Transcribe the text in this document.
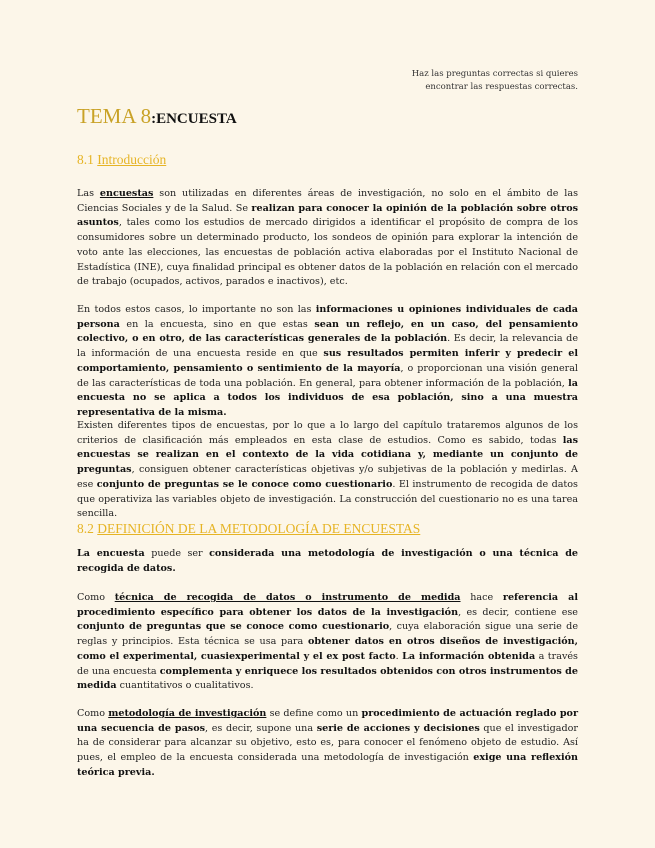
Haz las preguntas correctas si quieres
encontrar las respuestas correctas.
TEMA 8:ENCUESTA
8.1 Introducción
Las encuestas son utilizadas en diferentes áreas de investigación, no solo en el ámbito de las Ciencias Sociales y de la Salud. Se realizan para conocer la opinión de la población sobre otros asuntos, tales como los estudios de mercado dirigidos a identificar el propósito de compra de los consumidores sobre un determinado producto, los sondeos de opinión para explorar la intención de voto ante las elecciones, las encuestas de población activa elaboradas por el Instituto Nacional de Estadística (INE), cuya finalidad principal es obtener datos de la población en relación con el mercado de trabajo (ocupados, activos, parados e inactivos), etc.
En todos estos casos, lo importante no son las informaciones u opiniones individuales de cada persona en la encuesta, sino en que estas sean un reflejo, en un caso, del pensamiento colectivo, o en otro, de las características generales de la población. Es decir, la relevancia de la información de una encuesta reside en que sus resultados permiten inferir y predecir el comportamiento, pensamiento o sentimiento de la mayoría, o proporcionan una visión general de las características de toda una población. En general, para obtener información de la población, la encuesta no se aplica a todos los individuos de esa población, sino a una muestra representativa de la misma.
Existen diferentes tipos de encuestas, por lo que a lo largo del capítulo trataremos algunos de los criterios de clasificación más empleados en esta clase de estudios. Como es sabido, todas las encuestas se realizan en el contexto de la vida cotidiana y, mediante un conjunto de preguntas, consiguen obtener características objetivas y/o subjetivas de la población y medirlas. A ese conjunto de preguntas se le conoce como cuestionario. El instrumento de recogida de datos que operativiza las variables objeto de investigación. La construcción del cuestionario no es una tarea sencilla.
8.2 DEFINICIÓN DE LA METODOLOGÍA DE ENCUESTAS
La encuesta puede ser considerada una metodología de investigación o una técnica de recogida de datos.
Como técnica de recogida de datos o instrumento de medida hace referencia al procedimiento específico para obtener los datos de la investigación, es decir, contiene ese conjunto de preguntas que se conoce como cuestionario, cuya elaboración sigue una serie de reglas y principios. Esta técnica se usa para obtener datos en otros diseños de investigación, como el experimental, cuasiexperimental y el ex post facto. La información obtenida a través de una encuesta complementa y enriquece los resultados obtenidos con otros instrumentos de medida cuantitativos o cualitativos.
Como metodología de investigación se define como un procedimiento de actuación reglado por una secuencia de pasos, es decir, supone una serie de acciones y decisiones que el investigador ha de considerar para alcanzar su objetivo, esto es, para conocer el fenómeno objeto de estudio. Así pues, el empleo de la encuesta considerada una metodología de investigación exige una reflexión teórica previa.
